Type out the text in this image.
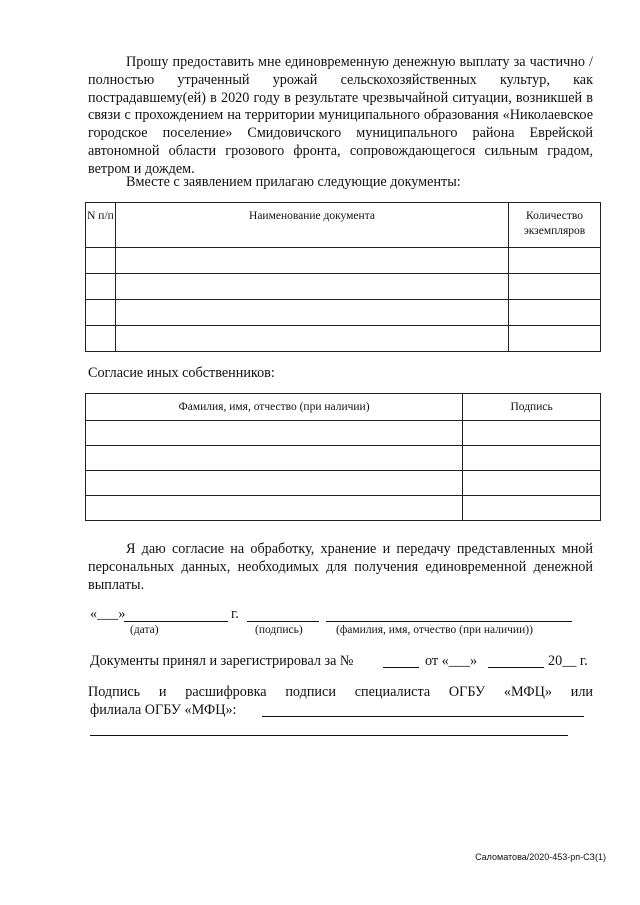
Прошу предоставить мне единовременную денежную выплату за частично / полностью утраченный урожай сельскохозяйственных культур, как пострадавшему(ей) в 2020 году в результате чрезвычайной ситуации, возникшей в связи с прохождением на территории муниципального образования «Николаевское городское поселение» Смидовичского муниципального района Еврейской автономной области грозового фронта, сопровождающегося сильным градом, ветром и дождем.

Вместе с заявлением прилагаю следующие документы:
N п/п	Наименование документа	Количество экземпляров

Согласие иных собственников:
Фамилия, имя, отчество (при наличии)	Подпись

Я даю согласие на обработку, хранение и передачу представленных мной персональных данных, необходимых для получения единовременной денежной выплаты.

«___»	г.
(дата)	(подпись)	(фамилия, имя, отчество (при наличии))
Документы принял и зарегистрировал за №	от «___»	20__ г.
Подпись и расшифровка подписи специалиста ОГБУ «МФЦ» или
филиала ОГБУ «МФЦ»:
Саломатова/2020-453-рп-СЗ(1)
